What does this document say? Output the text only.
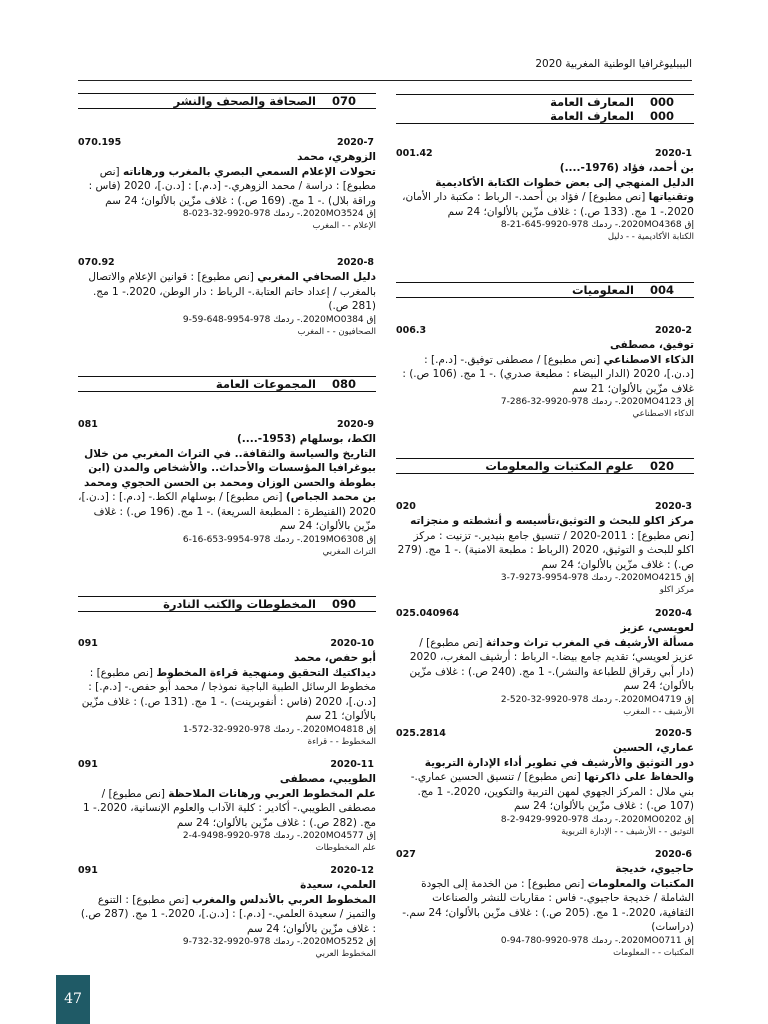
البيبليوغرافيا الوطنية المغربية 2020
000
المعارف العامة
000
المعارف العامة
2020-1
001.42
بن أحمد، فؤاد (1976-....)
الدليل المنهجي إلى بعض خطوات الكتابة الأكاديمية وتقنياتها [نص مطبوع] / فؤاد بن أحمد.- الرباط : مكتبة دار الأمان، 2020.- 1 مج. (133 ص.) : غلاف مزّين بالألوان؛ 24 سم
إق 2020MO4368.- ردمك 978-9920-645-21-8
الكتابة الأكاديمية - - دليل
004
المعلوميات
2020-2
006.3
توفيق، مصطفى
الذكاء الاصطناعي [نص مطبوع] / مصطفى توفيق.- [د.م.] : [د.ن.]، 2020 (الدار البيضاء : مطبعة صدري) .- 1 مج. (106 ص.) : غلاف مزّين بالألوان؛ 21 سم
إق 2020MO4123.- ردمك 978-9920-32-286-7
الذكاء الاصطناعي
020
علوم المكتبات والمعلومات
2020-3
020
مركز اكلو للبحث و التوثيق،تأسيسه و أنشطته و منجزاته [نص مطبوع] : 2011-2020 / تنسيق جامع بنيدير.- تزنيت : مركز اكلو للبحث و التوثيق، 2020 (الرباط : مطبعة الامنية) .- 1 مج. (279 ص.) : غلاف مزّين بالألوان؛ 24 سم
إق 2020MO4215.- ردمك 978-9954-9273-7-3
مركز اكلو
2020-4
025.040964
لعويسي، عزيز
مسألة الأرشيف في المغرب تراث وحداثة [نص مطبوع] / عزيز لعويسي؛ تقديم جامع بيضا.- الرباط : أرشيف المغرب، 2020 (دار أبي رقراق للطباعة والنشر).- 1 مج. (240 ص.) : غلاف مزّين بالألوان؛ 24 سم
إق 2020MO4719.- ردمك 978-9920-32-520-2
الأرشيف - - المغرب
2020-5
025.2814
عماري، الحسين
دور التوثيق والأرشيف في تطوير أداء الإدارة التربوية والحفاظ على ذاكرتها [نص مطبوع] / تنسيق الحسين عماري.- بني ملال : المركز الجهوي لمهن التربية والتكوين، 2020.- 1 مج. (107 ص.) : غلاف مزّين بالألوان؛ 24 سم
إق 2020MO0202.- ردمك 978-9920-9429-2-8
التوثيق - - الأرشيف - - الإدارة التربوية
2020-6
027
حاجيوي، خديجة
المكتبات والمعلومات [نص مطبوع] : من الخدمة إلى الجودة الشاملة / خديجة حاجيوي.- فاس : مقاربات للنشر والصناعات الثقافية، 2020.- 1 مج. (205 ص.) : غلاف مزّين بالألوان؛ 24 سم.- (دراسات)
إق 2020MO0711.- ردمك 978-9920-780-94-0
المكتبات - - المعلومات
070
الصحافة والصحف والنشر
2020-7
070.195
الزوهري، محمد
تحولات الإعلام السمعي البصري بالمغرب ورهاناته [نص مطبوع] : دراسة / محمد الزوهري.- [د.م.] : [د.ن.]، 2020 (فاس : وراقة بلال) .- 1 مج. (169 ص.) : غلاف مزّين بالألوان؛ 24 سم
إق 2020MO3524.- ردمك 978-9920-32-023-8
الإعلام - - المغرب
2020-8
070.92
دليل الصحافي المغربي [نص مطبوع] : قوانين الإعلام والاتصال بالمغرب / إعداد حاتم العتابة.- الرباط : دار الوطن، 2020.- 1 مج. (281 ص.)
إق 2020MO0384.- ردمك 978-9954-648-59-9
الصحافيون - - المغرب
080
المجموعات العامة
2020-9
081
الكط، بوسلهام (1953-....)
التاريخ والسياسة والثقافة.. في التراث المغربي من خلال بيوغرافيا المؤسسات والأحداث.. والأشخاص والمدن (ابن بطوطة والحسن الوزان ومحمد بن الحسن الحجوي ومحمد بن محمد الجباص) [نص مطبوع] / بوسلهام الكط.- [د.م.] : [د.ن.]، 2020 (القنيطرة : المطبعة السريعة) .- 1 مج. (196 ص.) : غلاف مزّين بالألوان؛ 24 سم
إق 2019MO6308.- ردمك 978-9954-653-16-6
التراث المغربي
090
المخطوطات والكتب النادرة
2020-10
091
أبو حفص، محمد
ديداكتيك التحقيق ومنهجية قراءة المخطوط [نص مطبوع] : مخطوط الرسائل الطبية الباجية نموذجا / محمد أبو حفص.- [د.م.] : [د.ن.]، 2020 (فاس : أنفوبرينت) .- 1 مج. (131 ص.) : غلاف مزّين بالألوان؛ 21 سم
إق 2020MO4818.- ردمك 978-9920-32-572-1
المخطوط - - قراءة
2020-11
091
الطويبي، مصطفى
علم المخطوط العربي ورهانات الملاحظة [نص مطبوع] / مصطفى الطويبي.- أكادير : كلية الآداب والعلوم الإنسانية، 2020.- 1 مج. (282 ص.) : غلاف مزّين بالألوان؛ 24 سم
إق 2020MO4577.- ردمك 978-9920-9498-4-2
علم المخطوطات
2020-12
091
العلمي، سعيدة
المخطوط العربي بالأندلس والمغرب [نص مطبوع] : التنوع والتميز / سعيدة العلمي.- [د.م.] : [د.ن.]، 2020.- 1 مج. (287 ص.) : غلاف مزّين بالألوان؛ 24 سم
إق 2020MO5252.- ردمك 978-9920-32-732-9
المخطوط العربي
47
